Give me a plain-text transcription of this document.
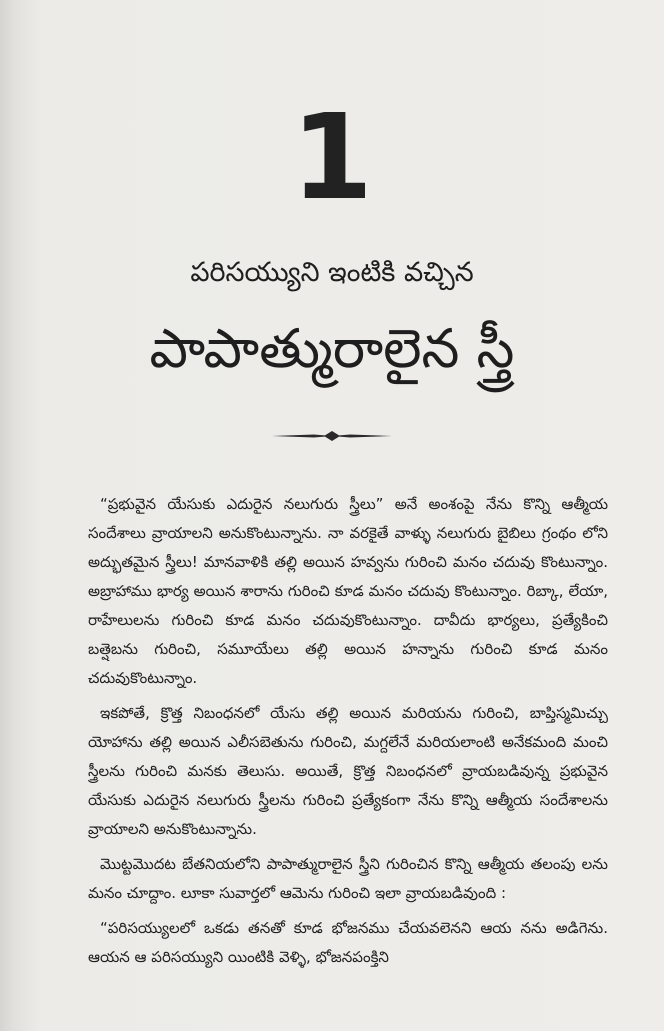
1
పరిసయ్యుని ఇంటికి వచ్చిన
పాపాత్మురాలైన స్త్రీ

“ప్రభువైన యేసుకు ఎదురైన నలుగురు స్త్రీలు” అనే అంశంపై నేను కొన్ని ఆత్మీయ సందేశాలు వ్రాయాలని అనుకొంటున్నాను. నా వరకైతే వాళ్ళు నలుగురు బైబిలు గ్రంథం లోని అద్భుతమైన స్త్రీలు! మానవాళికి తల్లి అయిన హవ్వను గురించి మనం చదువు కొంటున్నాం. అబ్రాహాము భార్య అయిన శారాను గురించి కూడ మనం చదువు కొంటున్నాం. రిబ్కా, లేయా, రాహేలులను గురించి కూడ మనం చదువుకొంటున్నాం. దావీదు భార్యలు, ప్రత్యేకించి బత్షెబను గురించి, సమూయేలు తల్లి అయిన హన్నాను గురించి కూడ మనం చదువుకొంటున్నాం.

ఇకపోతే, క్రొత్త నిబంధనలో యేసు తల్లి అయిన మరియను గురించి, బాప్తిస్మమిచ్చు యోహాను తల్లి అయిన ఎలీసబెతును గురించి, మగ్దలేనే మరియలాంటి అనేకమంది మంచి స్త్రీలను గురించి మనకు తెలుసు. అయితే, క్రొత్త నిబంధనలో వ్రాయబడివున్న ప్రభువైన యేసుకు ఎదురైన నలుగురు స్త్రీలను గురించి ప్రత్యేకంగా నేను కొన్ని ఆత్మీయ సందేశాలను వ్రాయాలని అనుకొంటున్నాను.

మొట్టమొదట బేతనియలోని పాపాత్మురాలైన స్త్రీని గురించిన కొన్ని ఆత్మీయ తలంపు లను మనం చూద్దాం. లూకా సువార్తలో ఆమెను గురించి ఇలా వ్రాయబడివుంది :

“పరిసయ్యులలో ఒకడు తనతో కూడ భోజనము చేయవలెనని ఆయ నను అడిగెను. ఆయన ఆ పరిసయ్యుని యింటికి వెళ్ళి, భోజనపంక్తిని
